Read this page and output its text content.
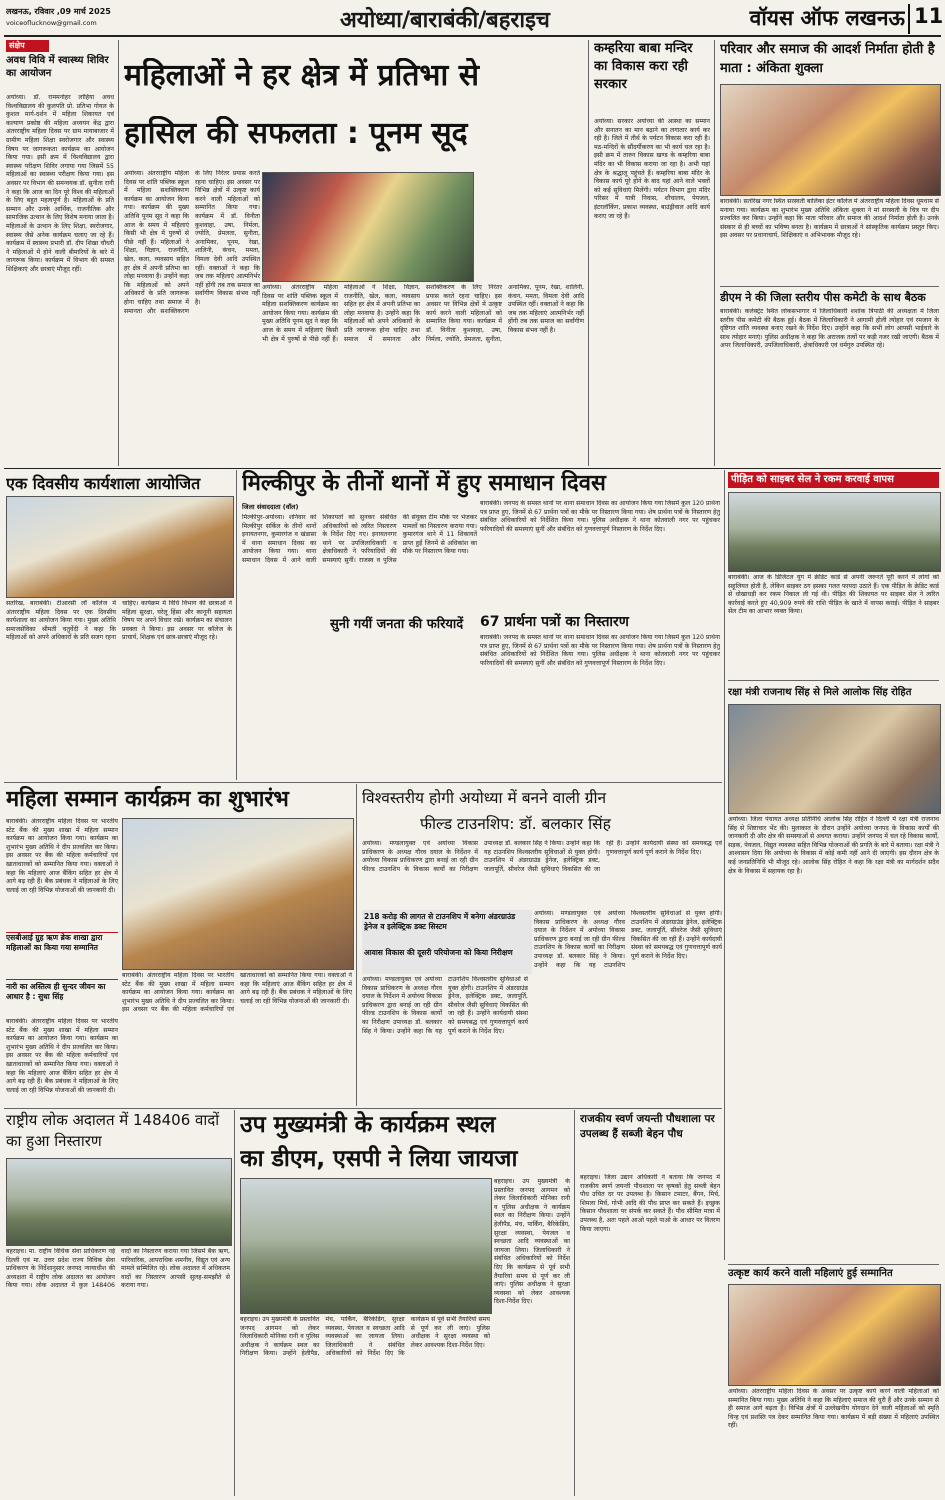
लखनऊ, रविवार ,09 मार्च 2025
voiceoflucknow@gmail.com	अयोध्या/बाराबंकी/बहराइच	वॉयस ऑफ लखनऊ 11
संक्षेप
अवध विवि में स्वास्थ्य शिविर का आयोजन
अयोध्या। डॉ. राममनोहर लोहिया अवध विश्वविद्यालय की कुलपति प्रो. प्रतिभा गोयल के कुशल मार्ग-दर्शन में महिला शिकायत एवं कल्याण प्रकोष्ठ की महिला अध्ययन केंद्र द्वारा अंतरराष्ट्रीय महिला दिवस पर ग्राम मायाबाजार में ग्रामीण महिला शिक्षा स्वरोजगार और स्वास्थ्य विषय पर जागरूकता कार्यक्रम का आयोजन किया गया। इसी क्रम में विश्वविद्यालय द्वारा स्वास्थ्य परीक्षण शिविर लगाया गया जिसमें 55 महिलाओं का स्वास्थ्य परीक्षण किया गया। इस अवसर पर विभाग की समन्वयक डॉ. सुनीता रानी ने कहा कि आज का दिन पूरे विश्व की महिलाओं के लिए बहुत महत्वपूर्ण है। महिलाओं के प्रति सम्मान और उनके आर्थिक, राजनीतिक और सामाजिक उत्थान के लिए विशेष मनाया जाता है। महिलाओं के उत्थान के लिए शिक्षा, स्वरोजगार, स्वास्थ्य जैसे अनेक कार्यक्रम चलाए जा रहे हैं। कार्यक्रम में स्वास्थ्य प्रभारी डॉ. दीप शिखा चौधरी ने महिलाओं में होने वाली बीमारियों के बारे में जागरूक किया। कार्यक्रम में विभाग की समस्त शिक्षिकाएं और छात्राएं मौजूद रहीं।
महिलाओं ने हर क्षेत्र में प्रतिभा से
हासिल की सफलता : पूनम सूद
अयोध्या। अंतरराष्ट्रीय महिला दिवस पर शांति पब्लिक स्कूल में महिला सशक्तिकरण कार्यक्रम का आयोजन किया गया। कार्यक्रम की मुख्य अतिथि पूनम सूद ने कहा कि आज के समय में महिलाएं किसी भी क्षेत्र में पुरुषों से पीछे नहीं हैं। महिलाओं ने शिक्षा, विज्ञान, राजनीति, खेल, कला, व्यवसाय सहित हर क्षेत्र में अपनी प्रतिभा का लोहा मनवाया है। उन्होंने कहा कि महिलाओं को अपने अधिकारों के प्रति जागरूक होना चाहिए तथा समाज में समानता और सशक्तिकरण के लिए निरंतर प्रयास करते रहना चाहिए। इस अवसर पर विभिन्न क्षेत्रों में उत्कृष्ट कार्य करने वाली महिलाओं को सम्मानित किया गया। कार्यक्रम में डॉ. विनीता कुशवाहा, उषा, निर्मला, ज्योति, प्रेमलता, सुनीता, अनामिका, पूनम, रेखा, शालिनी, कंचन, ममता, विमला देवी आदि उपस्थित रहीं। वक्ताओं ने कहा कि जब तक महिलाएं आत्मनिर्भर नहीं होंगी तब तक समाज का सर्वांगीण विकास संभव नहीं है।
अयोध्या। अंतरराष्ट्रीय महिला दिवस पर शांति पब्लिक स्कूल में महिला सशक्तिकरण कार्यक्रम का आयोजन किया गया। कार्यक्रम की मुख्य अतिथि पूनम सूद ने कहा कि आज के समय में महिलाएं किसी भी क्षेत्र में पुरुषों से पीछे नहीं हैं। महिलाओं ने शिक्षा, विज्ञान, राजनीति, खेल, कला, व्यवसाय सहित हर क्षेत्र में अपनी प्रतिभा का लोहा मनवाया है। उन्होंने कहा कि महिलाओं को अपने अधिकारों के प्रति जागरूक होना चाहिए तथा समाज में समानता और सशक्तिकरण के लिए निरंतर प्रयास करते रहना चाहिए। इस अवसर पर विभिन्न क्षेत्रों में उत्कृष्ट कार्य करने वाली महिलाओं को सम्मानित किया गया। कार्यक्रम में डॉ. विनीता कुशवाहा, उषा, निर्मला, ज्योति, प्रेमलता, सुनीता, अनामिका, पूनम, रेखा, शालिनी, कंचन, ममता, विमला देवी आदि उपस्थित रहीं। वक्ताओं ने कहा कि जब तक महिलाएं आत्मनिर्भर नहीं होंगी तब तक समाज का सर्वांगीण विकास संभव नहीं है।
कम्हरिया बाबा मन्दिर का विकास करा रही सरकार
अयोध्या। सरकार अयोध्या की आस्था का सम्मान और सनातन का मान बढ़ाने का लगातार कार्य कर रही है। जिले में तीर्थ के पर्यटन विकास करा रही है। मठ-मन्दिरों के सौंदर्यीकरण का भी कार्य चल रहा है। इसी क्रम में तारुन विकास खण्ड के कम्हरिया बाबा मंदिर का भी विकास कराया जा रहा है। अभी यहां क्षेत्र के श्रद्धालु पहुंचते हैं। कम्हरिया बाबा मंदिर के विकास कार्य पूरे होने के बाद यहां आने वाले भक्तों को कई सुविधाएं मिलेंगी। पर्यटन विभाग द्वारा मंदिर परिसर में यात्री निवास, शौचालय, पेयजल, इंटरलॉकिंग, प्रकाश व्यवस्था, बाउंड्रीवाल आदि कार्य कराए जा रहे हैं।
परिवार और समाज की आदर्श निर्माता होती है माता : अंकिता शुक्ला
बाराबंकी। सतरिख नगर स्थित सरस्वती बालिका इंटर कॉलेज में अंतरराष्ट्रीय महिला दिवस धूमधाम से मनाया गया। कार्यक्रम का शुभारंभ मुख्य अतिथि अंकिता शुक्ला ने मां सरस्वती के चित्र पर दीप प्रज्वलित कर किया। उन्होंने कहा कि माता परिवार और समाज की आदर्श निर्माता होती है। उनके संस्कार से ही बच्चों का भविष्य बनता है। कार्यक्रम में छात्राओं ने सांस्कृतिक कार्यक्रम प्रस्तुत किए। इस अवसर पर प्रधानाचार्य, शिक्षिकाएं व अभिभावक मौजूद रहे।
डीएम ने की जिला स्तरीय पीस कमेटी के साथ बैठक
बाराबंकी। कलेक्ट्रेट स्थित लोकसभागार में जिलाधिकारी शशांक त्रिपाठी की अध्यक्षता में जिला स्तरीय पीस कमेटी की बैठक हुई। बैठक में जिलाधिकारी ने आगामी होली त्योहार एवं रमजान के दृष्टिगत शांति व्यवस्था बनाए रखने के निर्देश दिए। उन्होंने कहा कि सभी लोग आपसी भाईचारे के साथ त्योहार मनाएं। पुलिस अधीक्षक ने कहा कि अराजक तत्वों पर कड़ी नजर रखी जाएगी। बैठक में अपर जिलाधिकारी, उपजिलाधिकारी, क्षेत्राधिकारी एवं धर्मगुरु उपस्थित रहे।
एक दिवसीय कार्यशाला आयोजित
सतरिख, बाराबंकी। टीआरसी लॉ कॉलेज में अंतरराष्ट्रीय महिला दिवस पर एक दिवसीय कार्यशाला का आयोजन किया गया। मुख्य अतिथि समाजसेविका श्रीमती चतुर्वेदी ने कहा कि महिलाओं को अपने अधिकारों के प्रति सजग रहना चाहिए। कार्यक्रम में विधि विभाग की छात्राओं ने महिला सुरक्षा, घरेलू हिंसा और कानूनी सहायता विषय पर अपने विचार रखे। कार्यक्रम का संचालन प्रवक्ता ने किया। इस अवसर पर कॉलेज के प्राचार्य, शिक्षक एवं छात्र-छात्राएं मौजूद रहे।
मिल्कीपुर के तीनों थानों में हुए समाधान दिवस
जिला संवाददाता (वॉल)
मिल्कीपुर-अयोध्या। शनिवार को मिल्कीपुर सर्किल के तीनों थानों इनायतनगर, कुमारगंज व खंडासा में थाना समाधान दिवस का आयोजन किया गया। थाना समाधान दिवस में आने वाली शिकायतों को सुनकर संबंधित अधिकारियों को त्वरित निस्तारण के निर्देश दिए गए। इनायतनगर थाने पर उपजिलाधिकारी व क्षेत्राधिकारी ने फरियादियों की समस्याएं सुनीं। राजस्व व पुलिस की संयुक्त टीम मौके पर भेजकर मामलों का निस्तारण कराया गया। कुमारगंज थाने में 11 शिकायतें प्राप्त हुईं जिनमें से अधिकांश का मौके पर निस्तारण किया गया।
सुनी गयीं जनता की फरियादें
बाराबंकी। जनपद के समस्त थानों पर थाना समाधान दिवस का आयोजन किया गया जिसमें कुल 120 प्रार्थना पत्र प्राप्त हुए, जिनमें से 67 प्रार्थना पत्रों का मौके पर निस्तारण किया गया। शेष प्रार्थना पत्रों के निस्तारण हेतु संबंधित अधिकारियों को निर्देशित किया गया। पुलिस अधीक्षक ने थाना कोतवाली नगर पर पहुंचकर फरियादियों की समस्याएं सुनीं और संबंधित को गुणवत्तापूर्ण निस्तारण के निर्देश दिए।
67 प्रार्थना पत्रों का निस्तारण
बाराबंकी। जनपद के समस्त थानों पर थाना समाधान दिवस का आयोजन किया गया जिसमें कुल 120 प्रार्थना पत्र प्राप्त हुए, जिनमें से 67 प्रार्थना पत्रों का मौके पर निस्तारण किया गया। शेष प्रार्थना पत्रों के निस्तारण हेतु संबंधित अधिकारियों को निर्देशित किया गया। पुलिस अधीक्षक ने थाना कोतवाली नगर पर पहुंचकर फरियादियों की समस्याएं सुनीं और संबंधित को गुणवत्तापूर्ण निस्तारण के निर्देश दिए।
पीड़ित को साइबर सेल ने रकम करवाई वापस
बाराबंकी। आज के डिजिटल युग में क्रेडिट कार्ड से अपनी जरूरतें पूरी करने में लोगों को सहूलियत होती है, लेकिन साइबर ठग इसका गलत फायदा उठाते हैं। एक पीड़ित के क्रेडिट कार्ड से धोखाधड़ी कर रकम निकाल ली गई थी। पीड़ित की शिकायत पर साइबर सेल ने त्वरित कार्रवाई करते हुए 40,909 रुपये की राशि पीड़ित के खाते में वापस कराई। पीड़ित ने साइबर सेल टीम का आभार व्यक्त किया।
रक्षा मंत्री राजनाथ सिंह से मिले आलोक सिंह रोहित
अयोध्या। जिला पंचायत अध्यक्ष प्रतिनिधि आलोक सिंह रोहित ने दिल्ली में रक्षा मंत्री राजनाथ सिंह से शिष्टाचार भेंट की। मुलाकात के दौरान उन्होंने अयोध्या जनपद के विकास कार्यों की जानकारी दी और क्षेत्र की समस्याओं से अवगत कराया। उन्होंने जनपद में चल रहे विकास कार्यों, सड़क, पेयजल, विद्युत व्यवस्था सहित विभिन्न योजनाओं की प्रगति के बारे में बताया। रक्षा मंत्री ने आश्वासन दिया कि अयोध्या के विकास में कोई कमी नहीं आने दी जाएगी। इस दौरान क्षेत्र के कई जनप्रतिनिधि भी मौजूद रहे। आलोक सिंह रोहित ने कहा कि रक्षा मंत्री का मार्गदर्शन सदैव क्षेत्र के विकास में सहायक रहा है।
महिला सम्मान कार्यक्रम का शुभारंभ
बाराबंकी। अंतरराष्ट्रीय महिला दिवस पर भारतीय स्टेट बैंक की मुख्य शाखा में महिला सम्मान कार्यक्रम का आयोजन किया गया। कार्यक्रम का शुभारंभ मुख्य अतिथि ने दीप प्रज्वलित कर किया। इस अवसर पर बैंक की महिला कर्मचारियों एवं खाताधारकों को सम्मानित किया गया। वक्ताओं ने कहा कि महिलाएं आज बैंकिंग सहित हर क्षेत्र में आगे बढ़ रही हैं। बैंक प्रबंधक ने महिलाओं के लिए चलाई जा रही विभिन्न योजनाओं की जानकारी दी।
एसबीआई ग्रुह ऋण ब्रेक शाखा द्वारा महिलाओं का किया गया सम्मानित
नारी का अस्तित्व ही सुन्दर जीवन का आधार है : सुधा सिंह
बाराबंकी। अंतरराष्ट्रीय महिला दिवस पर भारतीय स्टेट बैंक की मुख्य शाखा में महिला सम्मान कार्यक्रम का आयोजन किया गया। कार्यक्रम का शुभारंभ मुख्य अतिथि ने दीप प्रज्वलित कर किया। इस अवसर पर बैंक की महिला कर्मचारियों एवं खाताधारकों को सम्मानित किया गया। वक्ताओं ने कहा कि महिलाएं आज बैंकिंग सहित हर क्षेत्र में आगे बढ़ रही हैं। बैंक प्रबंधक ने महिलाओं के लिए चलाई जा रही विभिन्न योजनाओं की जानकारी दी।
बाराबंकी। अंतरराष्ट्रीय महिला दिवस पर भारतीय स्टेट बैंक की मुख्य शाखा में महिला सम्मान कार्यक्रम का आयोजन किया गया। कार्यक्रम का शुभारंभ मुख्य अतिथि ने दीप प्रज्वलित कर किया। इस अवसर पर बैंक की महिला कर्मचारियों एवं खाताधारकों को सम्मानित किया गया। वक्ताओं ने कहा कि महिलाएं आज बैंकिंग सहित हर क्षेत्र में आगे बढ़ रही हैं। बैंक प्रबंधक ने महिलाओं के लिए चलाई जा रही विभिन्न योजनाओं की जानकारी दी।
विश्वस्तरीय होगी अयोध्या में बनने वाली ग्रीन
फील्ड टाउनशिप: डॉ. बलकार सिंह
अयोध्या। मण्डलायुक्त एवं अयोध्या विकास प्राधिकरण के अध्यक्ष गौरव दयाल के निर्देशन में अयोध्या विकास प्राधिकरण द्वारा बनाई जा रही ग्रीन फील्ड टाउनशिप के विकास कार्यों का निरीक्षण उपाध्यक्ष डॉ. बलकार सिंह ने किया। उन्होंने कहा कि यह टाउनशिप विश्वस्तरीय सुविधाओं से युक्त होगी। टाउनशिप में अंडरग्राउंड ड्रेनेज, इलेक्ट्रिक डक्ट, जलापूर्ति, सीवरेज जैसी सुविधाएं विकसित की जा रही हैं। उन्होंने कार्यदायी संस्था को समयबद्ध एवं गुणवत्तापूर्ण कार्य पूर्ण कराने के निर्देश दिए।
218 करोड़ की लागत से टाउनशिप में बनेगा अंडरग्राउंड ड्रेनेज व इलेक्ट्रिक डक्ट सिस्टम
आवास विकास की दूसरी परियोजना को किया निरीक्षण
अयोध्या। मण्डलायुक्त एवं अयोध्या विकास प्राधिकरण के अध्यक्ष गौरव दयाल के निर्देशन में अयोध्या विकास प्राधिकरण द्वारा बनाई जा रही ग्रीन फील्ड टाउनशिप के विकास कार्यों का निरीक्षण उपाध्यक्ष डॉ. बलकार सिंह ने किया। उन्होंने कहा कि यह टाउनशिप विश्वस्तरीय सुविधाओं से युक्त होगी। टाउनशिप में अंडरग्राउंड ड्रेनेज, इलेक्ट्रिक डक्ट, जलापूर्ति, सीवरेज जैसी सुविधाएं विकसित की जा रही हैं। उन्होंने कार्यदायी संस्था को समयबद्ध एवं गुणवत्तापूर्ण कार्य पूर्ण कराने के निर्देश दिए।
अयोध्या। मण्डलायुक्त एवं अयोध्या विकास प्राधिकरण के अध्यक्ष गौरव दयाल के निर्देशन में अयोध्या विकास प्राधिकरण द्वारा बनाई जा रही ग्रीन फील्ड टाउनशिप के विकास कार्यों का निरीक्षण उपाध्यक्ष डॉ. बलकार सिंह ने किया। उन्होंने कहा कि यह टाउनशिप विश्वस्तरीय सुविधाओं से युक्त होगी। टाउनशिप में अंडरग्राउंड ड्रेनेज, इलेक्ट्रिक डक्ट, जलापूर्ति, सीवरेज जैसी सुविधाएं विकसित की जा रही हैं। उन्होंने कार्यदायी संस्था को समयबद्ध एवं गुणवत्तापूर्ण कार्य पूर्ण कराने के निर्देश दिए।
राष्ट्रीय लोक अदालत में 148406 वादों का हुआ निस्तारण
बहराइच। मा. राष्ट्रीय विधिक सेवा प्राधिकरण नई दिल्ली एवं मा. उत्तर प्रदेश राज्य विधिक सेवा प्राधिकरण के निर्देशानुसार जनपद न्यायाधीश की अध्यक्षता में राष्ट्रीय लोक अदालत का आयोजन किया गया। लोक अदालत में कुल 148406 वादों का निस्तारण कराया गया जिसमें बैंक ऋण, पारिवारिक, आपराधिक शमनीय, विद्युत एवं अन्य मामले सम्मिलित रहे। लोक अदालत में अधिकतम वादों का निस्तारण आपसी सुलह-समझौते से कराया गया।
उप मुख्यमंत्री के कार्यक्रम स्थल
का डीएम, एसपी ने लिया जायजा
बहराइच। उप मुख्यमंत्री के प्रस्तावित जनपद आगमन को लेकर जिलाधिकारी मोनिका रानी व पुलिस अधीक्षक ने कार्यक्रम स्थल का निरीक्षण किया। उन्होंने हेलीपैड, मंच, पार्किंग, बैरिकेडिंग, सुरक्षा व्यवस्था, पेयजल व स्वच्छता आदि व्यवस्थाओं का जायजा लिया। जिलाधिकारी ने संबंधित अधिकारियों को निर्देश दिए कि कार्यक्रम से पूर्व सभी तैयारियां समय से पूर्ण कर ली जाएं। पुलिस अधीक्षक ने सुरक्षा व्यवस्था को लेकर आवश्यक दिशा-निर्देश दिए।
बहराइच। उप मुख्यमंत्री के प्रस्तावित जनपद आगमन को लेकर जिलाधिकारी मोनिका रानी व पुलिस अधीक्षक ने कार्यक्रम स्थल का निरीक्षण किया। उन्होंने हेलीपैड, मंच, पार्किंग, बैरिकेडिंग, सुरक्षा व्यवस्था, पेयजल व स्वच्छता आदि व्यवस्थाओं का जायजा लिया। जिलाधिकारी ने संबंधित अधिकारियों को निर्देश दिए कि कार्यक्रम से पूर्व सभी तैयारियां समय से पूर्ण कर ली जाएं। पुलिस अधीक्षक ने सुरक्षा व्यवस्था को लेकर आवश्यक दिशा-निर्देश दिए।
राजकीय स्वर्ण जयन्ती पौधशाला पर उपलब्ध हैं सब्जी बेहन पौध
बहराइच। जिला उद्यान अधिकारी ने बताया कि जनपद में राजकीय स्वर्ण जयन्ती पौधशाला पर कृषकों हेतु सब्जी बेहन पौध उचित दर पर उपलब्ध है। किसान टमाटर, बैंगन, मिर्च, शिमला मिर्च, गोभी आदि की पौध प्राप्त कर सकते हैं। इच्छुक किसान पौधशाला पर संपर्क कर सकते हैं। पौध सीमित मात्रा में उपलब्ध है, अतः पहले आओ पहले पाओ के आधार पर वितरण किया जाएगा।
उत्कृष्ट कार्य करने वाली महिलाएं हुई सम्मानित
अयोध्या। अंतरराष्ट्रीय महिला दिवस के अवसर पर उत्कृष्ट कार्य करने वाली महिलाओं को सम्मानित किया गया। मुख्य अतिथि ने कहा कि महिलाएं समाज की धुरी हैं और उनके सम्मान से ही समाज आगे बढ़ता है। विभिन्न क्षेत्रों में उल्लेखनीय योगदान देने वाली महिलाओं को स्मृति चिन्ह एवं प्रशस्ति पत्र देकर सम्मानित किया गया। कार्यक्रम में बड़ी संख्या में महिलाएं उपस्थित रहीं।
